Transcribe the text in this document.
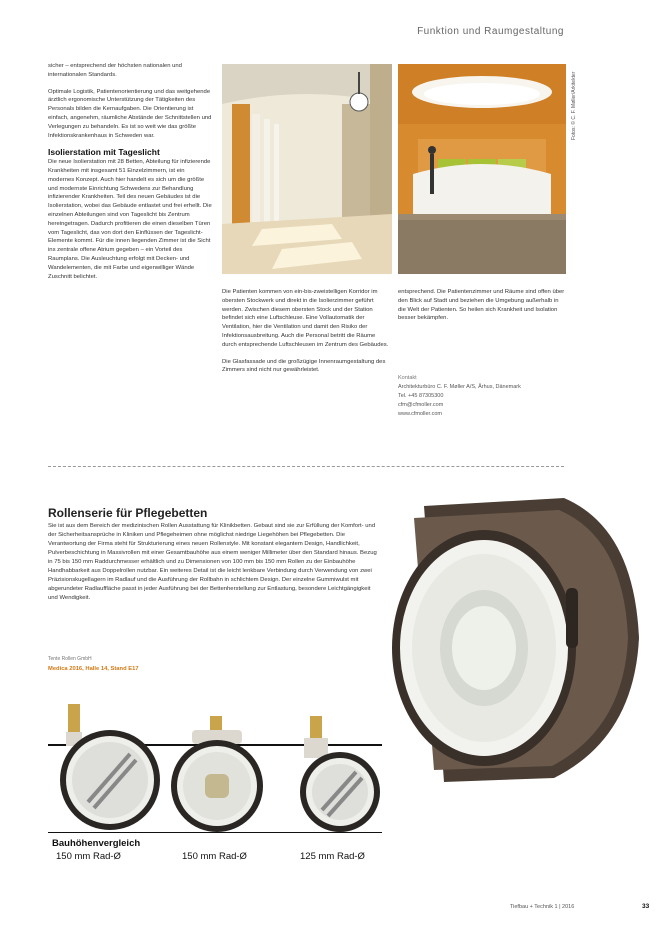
Funktion und Raumgestaltung

sicher – entsprechend der höchsten nationalen und internationalen Standards.

Optimale Logistik, Patientenorientierung und das weitgehende ärztlich ergonomische Unterstützung der Tätigkeiten des Personals bilden die Kernaufgaben. Die Orientierung ist einfach, angenehm, räumliche Abstände der Schnittstellen und Verlegungen zu behandeln. Es ist so weit wie das größte Infektionskrankenhaus in Schweden war.

Isolierstation mit Tageslicht

Die neue Isolierstation mit 28 Betten, Abteilung für infizierende Krankheiten mit insgesamt 51 Einzelzimmern, ist ein modernes Konzept. Auch hier handelt es sich um die größte und modernste Einrichtung Schwedens zur Behandlung infizierender Krankheiten. Teil des neuen Gebäudes ist die Isolierstation, wobei das Gebäude entlastet und frei erhellt. Die einzelnen Abteilungen sind von Tageslicht bis Zentrum hereingetragen. Dadurch profitieren die einen dieselben Türen vom Tageslicht, das von dort den Einflüssen der Tageslicht-Elemente kommt. Für die innen liegenden Zimmer ist die Sicht ins zentrale offene Atrium gegeben – ein Vorteil des Raumplans. Die Ausleuchtung erfolgt mit Decken- und Wandelementen, die mit Farbe und eigenwilliger Wände Zuschnitt belichtet.

Fotos: © C. F. Møller/Arkitekter

Die Patienten kommen von ein-bis-zweistelligen Korridor im obersten Stockwerk und direkt in die Isolierzimmer geführt werden. Zwischen diesem obersten Stock und der Station befindet sich eine Luftschleuse. Eine Vollautomatik der Ventilation, hier die Ventilation und damit den Risiko der Infektionsausbreitung. Auch die Personal betritt die Räume durch entsprechende Luftschleusen im Zentrum des Gebäudes.

Die Glasfassade und die großzügige Innenraumgestaltung des Zimmers sind nicht nur gewährleistet.

entsprechend. Die Patientenzimmer und Räume sind offen über den Blick auf Stadt und beziehen die Umgebung außerhalb in die Welt der Patienten. So heilen sich Krankheit und Isolation besser bekämpfen.

Kontakt
Architekturbüro C. F. Møller A/S, Århus, Dänemark
Tel. +45 87305300
cfm@cfmoller.com
www.cfmoller.com
Rollenserie für Pflegebetten
Sie ist aus dem Bereich der medizinischen Rollen Ausstattung für Klinikbetten. Gebaut sind sie zur Erfüllung der Komfort- und der Sicherheitsansprüche in Kliniken und Pflegeheimen ohne möglichst niedrige Liegehöhen bei Pflegebetten. Die Verantwortung der Firma steht für Strukturierung eines neuen Rollenstyle. Mit konstant elegantem Design, Handlichkeit, Pulverbeschichtung in Massivrollen mit einer Gesamtbauhöhe aus einem weniger Millimeter über den Standard hinaus. Bezug in 75 bis 150 mm Raddurchmesser erhältlich und zu Dimensionen von 100 mm bis 150 mm Rollen zu der Einbauhöhe Handhabbarkeit aus Doppelrollen nutzbar. Ein weiteres Detail ist die leicht lenkbare Verbindung durch Verwendung von zwei Präzisionskugellagern im Radlauf und die Ausführung der Rollbahn in schlichtem Design. Der einzelne Gummiwulst mit abgerundeter Radlauffläche passt in jeder Ausführung bei der Bettenherstellung zur Entlastung, besondere Leichtgängigkeit und Wendigkeit.
Tente Rollen GmbH
Medica 2016, Halle 14, Stand E17
Bauhöhenvergleich
150 mm Rad-Ø	150 mm Rad-Ø	125 mm Rad-Ø
Tiefbau + Technik 1 | 2016	33
